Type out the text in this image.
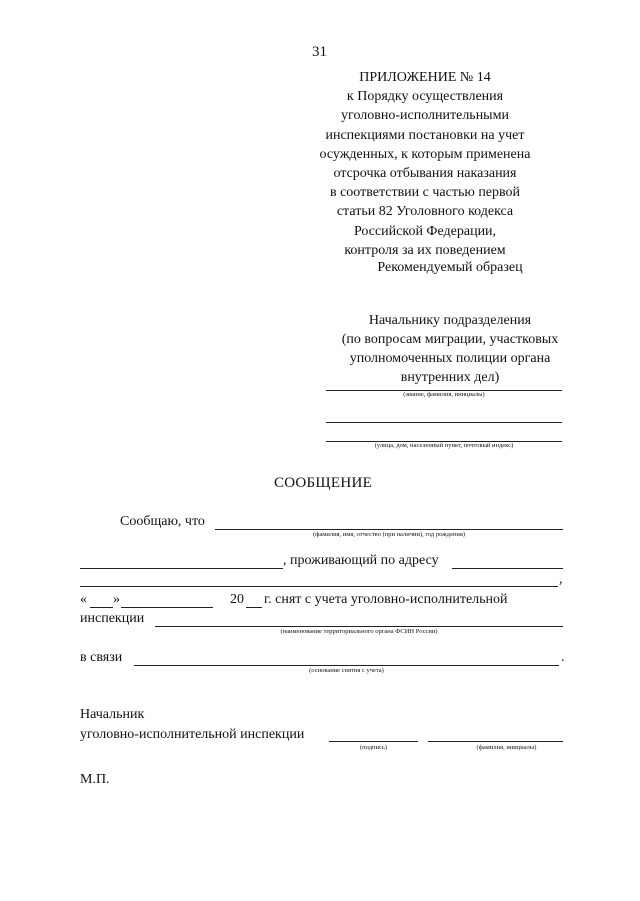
31
ПРИЛОЖЕНИЕ № 14
к Порядку осуществления
уголовно-исполнительными
инспекциями постановки на учет
осужденных, к которым применена
отсрочка отбывания наказания
в соответствии с частью первой
статьи 82 Уголовного кодекса
Российской Федерации,
контроля за их поведением
Рекомендуемый образец
Начальнику подразделения
(по вопросам миграции, участковых
уполномоченных полиции органа
внутренних дел)
(звание, фамилия, инициалы)
(улица, дом, населенный пункт, почтовый индекс)
СООБЩЕНИЕ
Сообщаю, что
(фамилия, имя, отчество (при наличии), год рождения)
, проживающий по адресу
,
« »	20 г. снят с учета уголовно-исполнительной
инспекции
(наименование территориального органа ФСИН России)
в связи	.
(основание снятия с учета)
Начальник
уголовно-исполнительной инспекции
(подпись)	(фамилия, инициалы)
М.П.
